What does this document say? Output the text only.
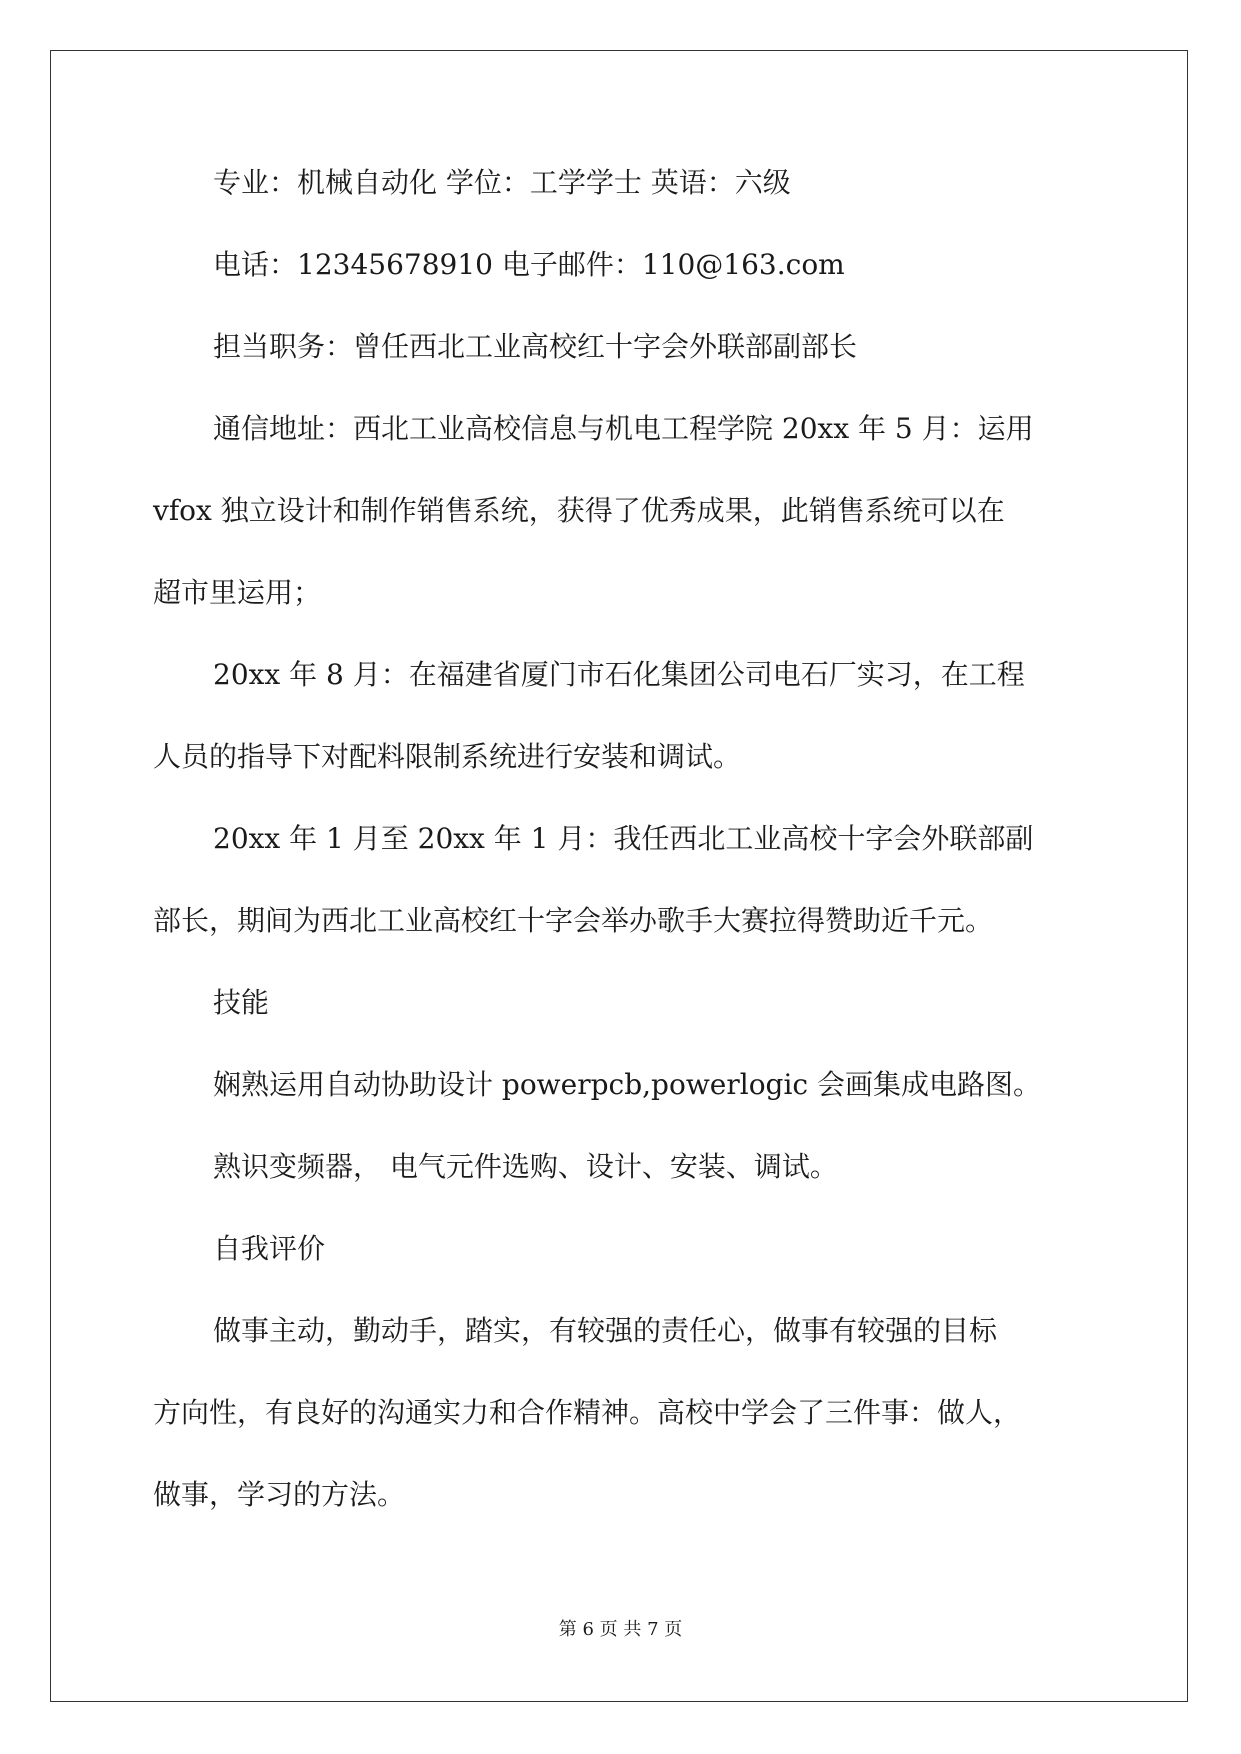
专业：机械自动化 学位：工学学士 英语：六级
电话：12345678910 电子邮件：110@163.com
担当职务：曾任西北工业高校红十字会外联部副部长
通信地址：西北工业高校信息与机电工程学院 20xx 年 5 月：运用
vfox 独立设计和制作销售系统，获得了优秀成果，此销售系统可以在
超市里运用；
20xx 年 8 月：在福建省厦门市石化集团公司电石厂实习，在工程
人员的指导下对配料限制系统进行安装和调试。
20xx 年 1 月至 20xx 年 1 月：我任西北工业高校十字会外联部副
部长，期间为西北工业高校红十字会举办歌手大赛拉得赞助近千元。
技能
娴熟运用自动协助设计 powerpcb,powerlogic 会画集成电路图。
熟识变频器， 电气元件选购、设计、安装、调试。
自我评价
做事主动，勤动手，踏实，有较强的责任心，做事有较强的目标
方向性，有良好的沟通实力和合作精神。高校中学会了三件事：做人，
做事，学习的方法。
第 6 页 共 7 页
